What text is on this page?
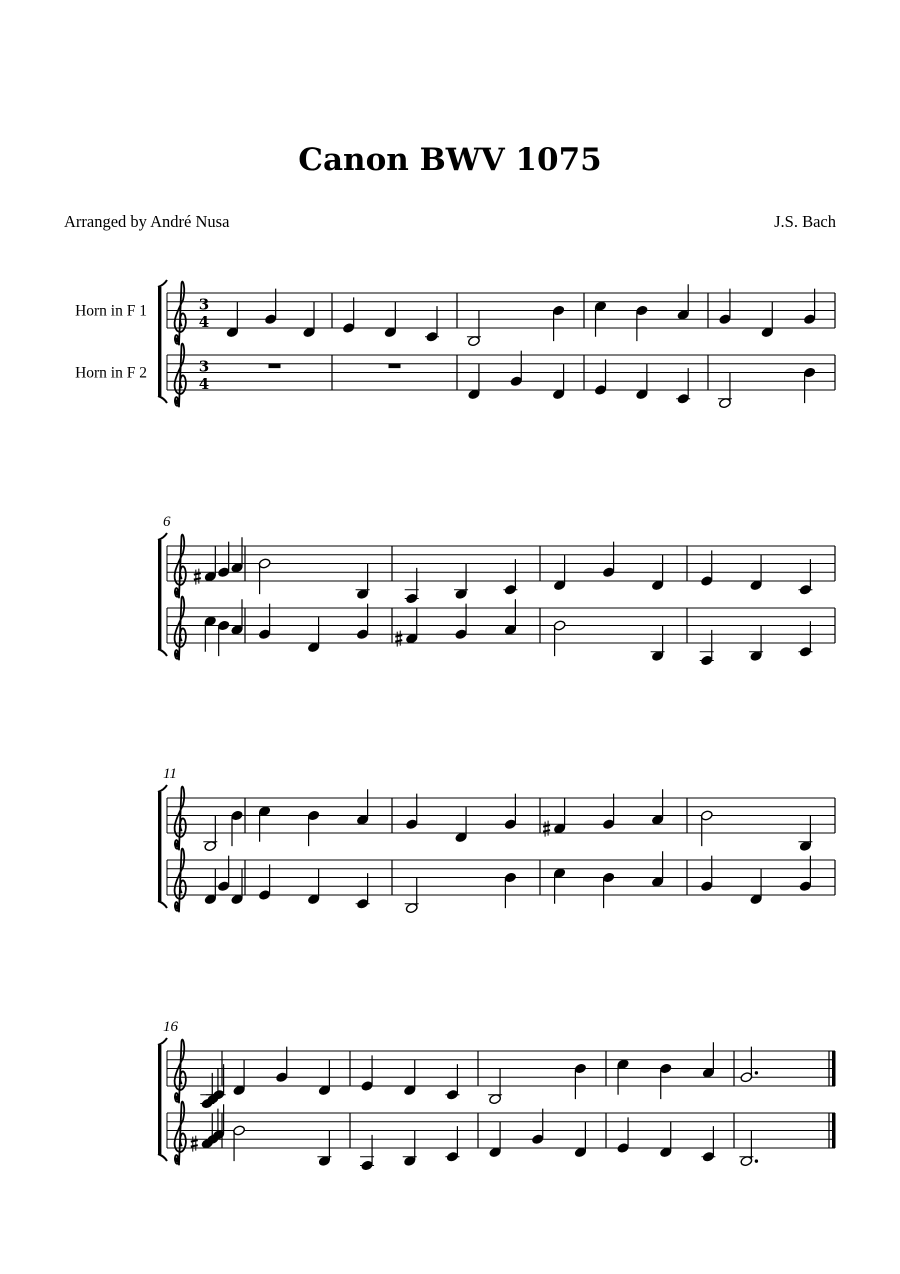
Canon BWV 1075
Arranged by André Nusa	J.S. Bach
Horn in F 1	3
4
Horn in F 2	3
4
6
11
16
